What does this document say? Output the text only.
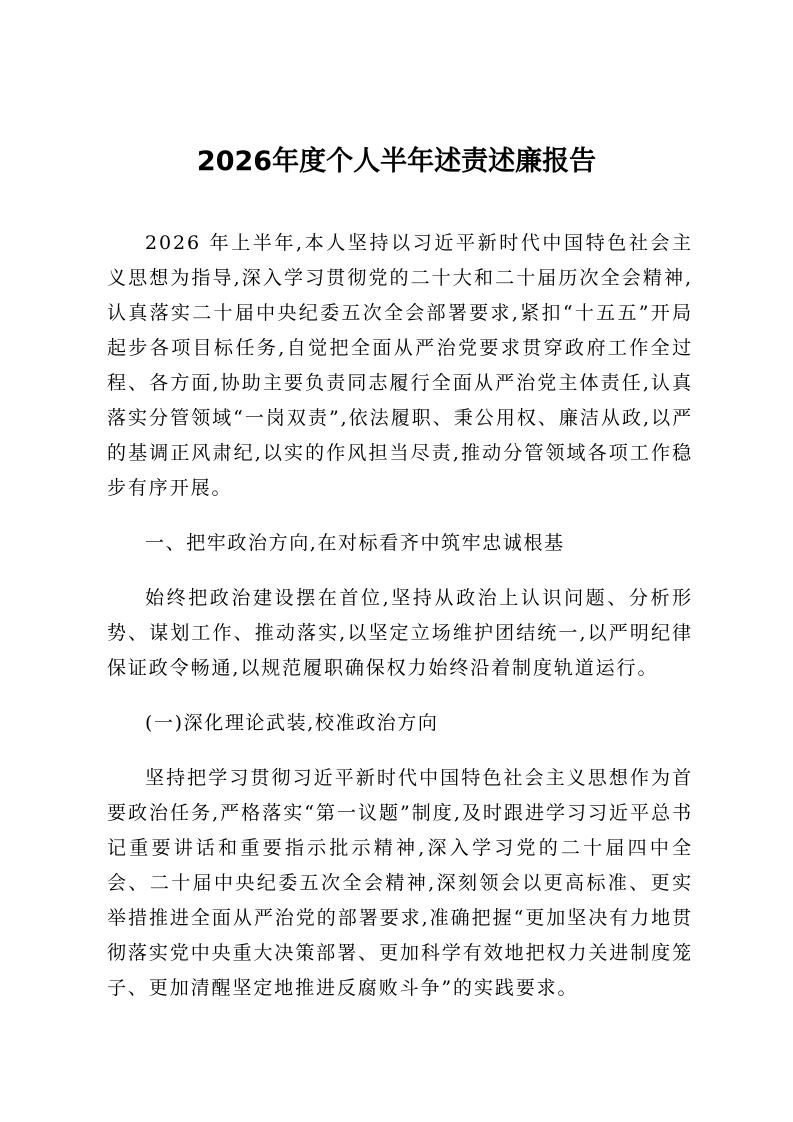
2026年度个人半年述责述廉报告

2026 年上半年,本人坚持以习近平新时代中国特色社会主义思想为指导,深入学习贯彻党的二十大和二十届历次全会精神,认真落实二十届中央纪委五次全会部署要求,紧扣“十五五”开局起步各项目标任务,自觉把全面从严治党要求贯穿政府工作全过程、各方面,协助主要负责同志履行全面从严治党主体责任,认真落实分管领域“一岗双责”,依法履职、秉公用权、廉洁从政,以严的基调正风肃纪,以实的作风担当尽责,推动分管领域各项工作稳步有序开展。

一、把牢政治方向,在对标看齐中筑牢忠诚根基

始终把政治建设摆在首位,坚持从政治上认识问题、分析形势、谋划工作、推动落实,以坚定立场维护团结统一,以严明纪律保证政令畅通,以规范履职确保权力始终沿着制度轨道运行。

(一)深化理论武装,校准政治方向

坚持把学习贯彻习近平新时代中国特色社会主义思想作为首要政治任务,严格落实“第一议题”制度,及时跟进学习习近平总书记重要讲话和重要指示批示精神,深入学习党的二十届四中全会、二十届中央纪委五次全会精神,深刻领会以更高标准、更实举措推进全面从严治党的部署要求,准确把握“更加坚决有力地贯彻落实党中央重大决策部署、更加科学有效地把权力关进制度笼子、更加清醒坚定地推进反腐败斗争”的实践要求。
